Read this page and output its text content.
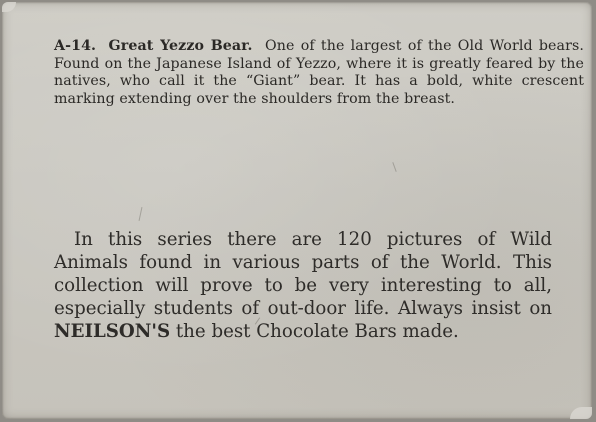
A-14. Great Yezzo Bear. One of the largest of the Old World bears. Found on the Japanese Island of Yezzo, where it is greatly feared by the natives, who call it the “Giant” bear. It has a bold, white crescent marking extending over the shoulders from the breast.

In this series there are 120 pictures of Wild Animals found in various parts of the World. This collection will prove to be very interesting to all, especially students of out-door life. Always insist on NEILSON'S the best Chocolate Bars made.
